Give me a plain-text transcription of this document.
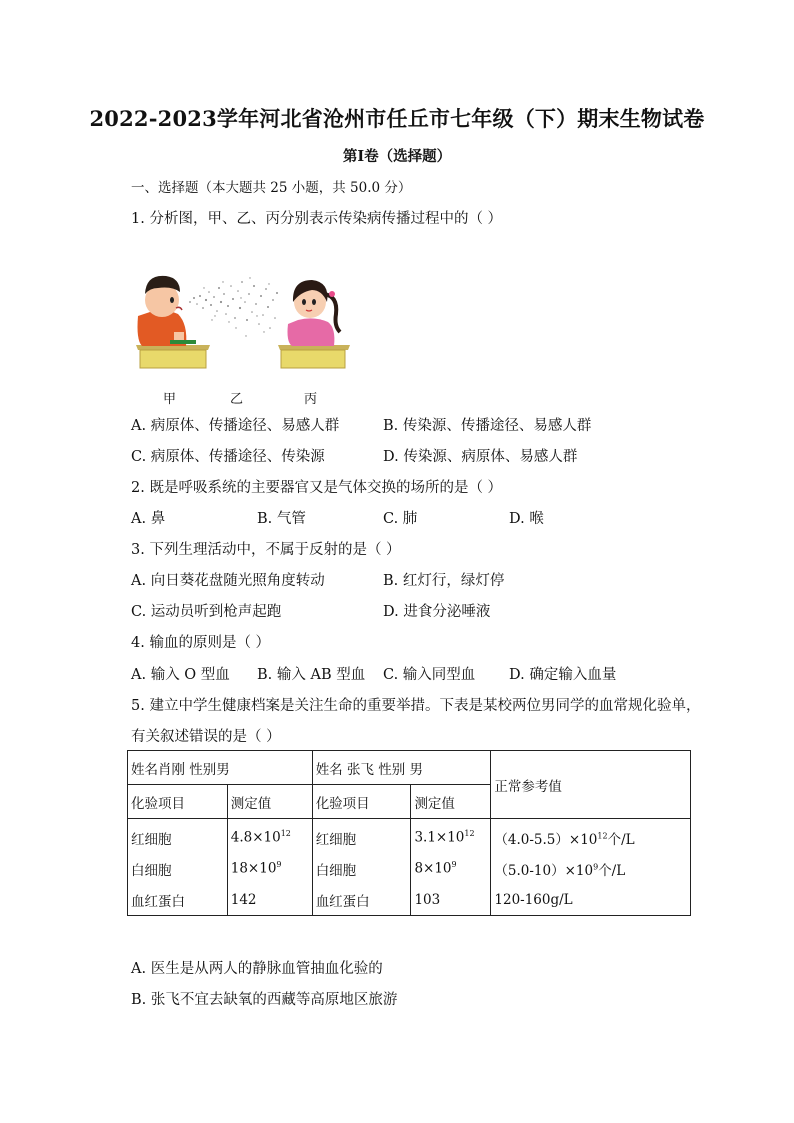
2022-2023学年河北省沧州市任丘市七年级（下）期末生物试卷
第I卷（选择题）
一、选择题（本大题共 25 小题，共 50.0 分）
1. 分析图，甲、乙、丙分别表示传染病传播过程中的（ ）
甲	乙	丙
A. 病原体、传播途径、易感人群	B. 传染源、传播途径、易感人群
C. 病原体、传播途径、传染源	D. 传染源、病原体、易感人群
2. 既是呼吸系统的主要器官又是气体交换的场所的是（ ）
A. 鼻	B. 气管	C. 肺	D. 喉
3. 下列生理活动中，不属于反射的是（ ）
A. 向日葵花盘随光照角度转动	B. 红灯行，绿灯停
C. 运动员听到枪声起跑	D. 进食分泌唾液
4. 输血的原则是（ ）
A. 输入 O 型血 B. 输入 AB 型血 C. 输入同型血 D. 确定输入血量
5. 建立中学生健康档案是关注生命的重要举措。下表是某校两位男同学的血常规化验单，
有关叙述错误的是（ ）
姓名肖刚 性别男		姓名 张飞 性别 男		正常参考值
化验项目	测定值	化验项目	测定值	
红细胞	$4.8\times 10^{12}$	红细胞	$3.1\times 10^{12}$	$(4.0-5.5)\times 10^{12}$个/L
白细胞	$18\times 10^9$	白细胞	$8\times 10^9$	$(5.0-10)\times 10^9$个/L
血红蛋白	142	血红蛋白	103	120-160g/L
A. 医生是从两人的静脉血管抽血化验的
B. 张飞不宜去缺氧的西藏等高原地区旅游
